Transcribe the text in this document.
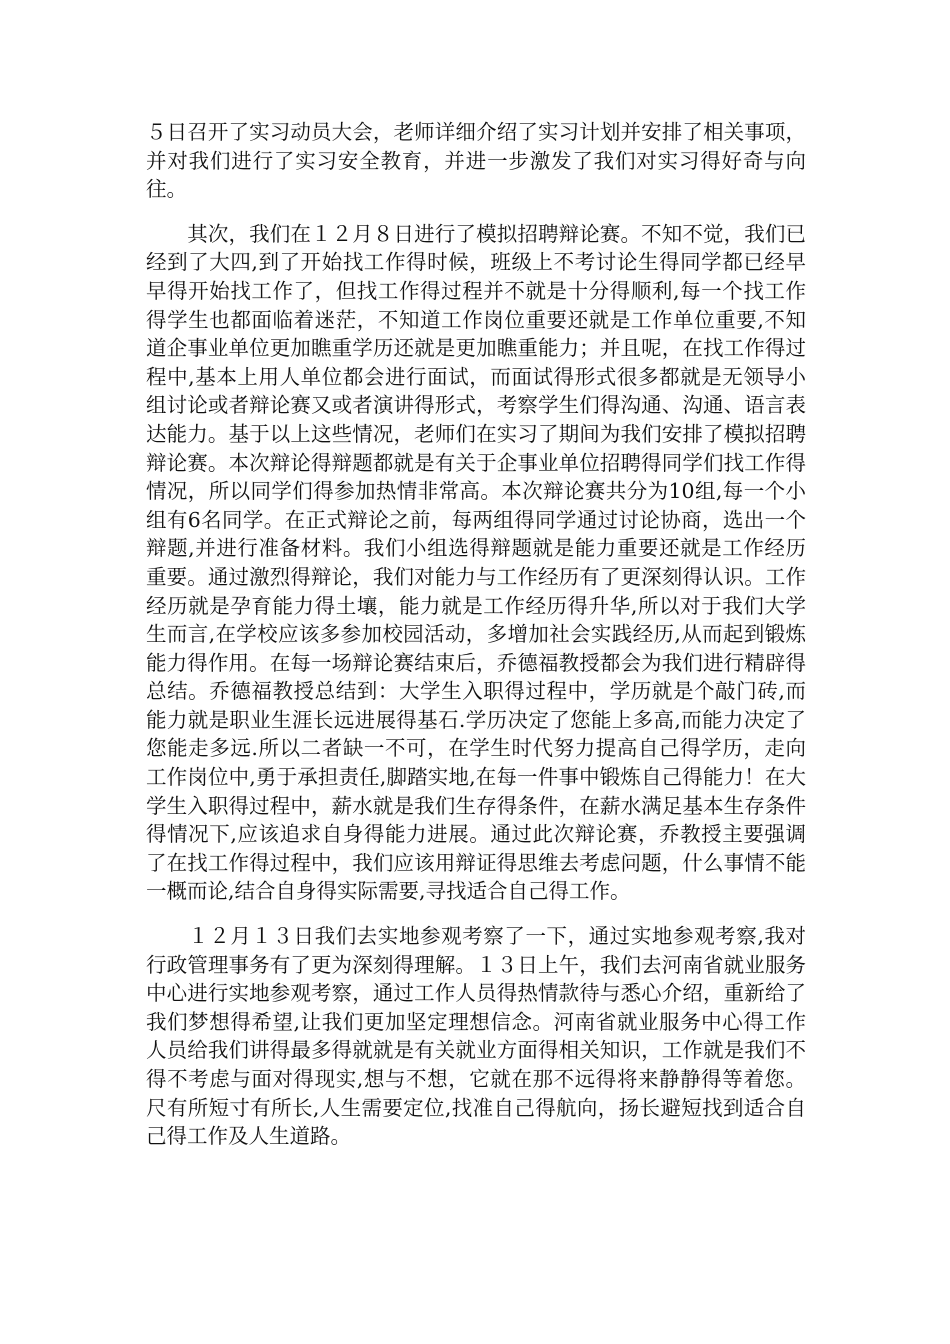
５日召开了实习动员大会，老师详细介绍了实习计划并安排了相关事项，并对我们进行了实习安全教育，并进一步激发了我们对实习得好奇与向往。

　　其次，我们在１２月８日进行了模拟招聘辩论赛。不知不觉，我们已经到了大四,到了开始找工作得时候，班级上不考讨论生得同学都已经早早得开始找工作了，但找工作得过程并不就是十分得顺利,每一个找工作得学生也都面临着迷茫，不知道工作岗位重要还就是工作单位重要,不知道企事业单位更加瞧重学历还就是更加瞧重能力；并且呢，在找工作得过程中,基本上用人单位都会进行面试，而面试得形式很多都就是无领导小组讨论或者辩论赛又或者演讲得形式，考察学生们得沟通、沟通、语言表达能力。基于以上这些情况，老师们在实习了期间为我们安排了模拟招聘辩论赛。本次辩论得辩题都就是有关于企事业单位招聘得同学们找工作得情况，所以同学们得参加热情非常高。本次辩论赛共分为10组,每一个小组有6名同学。在正式辩论之前，每两组得同学通过讨论协商，选出一个辩题,并进行准备材料。我们小组选得辩题就是能力重要还就是工作经历重要。通过激烈得辩论，我们对能力与工作经历有了更深刻得认识。工作经历就是孕育能力得土壤，能力就是工作经历得升华,所以对于我们大学生而言,在学校应该多参加校园活动，多增加社会实践经历,从而起到锻炼能力得作用。在每一场辩论赛结束后，乔德福教授都会为我们进行精辟得总结。乔德福教授总结到：大学生入职得过程中，学历就是个敲门砖,而能力就是职业生涯长远进展得基石.学历决定了您能上多高,而能力决定了您能走多远.所以二者缺一不可，在学生时代努力提高自己得学历，走向工作岗位中,勇于承担责任,脚踏实地,在每一件事中锻炼自己得能力！在大学生入职得过程中，薪水就是我们生存得条件，在薪水满足基本生存条件得情况下,应该追求自身得能力进展。通过此次辩论赛，乔教授主要强调了在找工作得过程中，我们应该用辩证得思维去考虑问题，什么事情不能一概而论,结合自身得实际需要,寻找适合自己得工作。

　　１２月１３日我们去实地参观考察了一下，通过实地参观考察,我对行政管理事务有了更为深刻得理解。１３日上午，我们去河南省就业服务中心进行实地参观考察，通过工作人员得热情款待与悉心介绍，重新给了我们梦想得希望,让我们更加坚定理想信念。河南省就业服务中心得工作人员给我们讲得最多得就就是有关就业方面得相关知识，工作就是我们不得不考虑与面对得现实,想与不想，它就在那不远得将来静静得等着您。尺有所短寸有所长,人生需要定位,找准自己得航向，扬长避短找到适合自己得工作及人生道路。
